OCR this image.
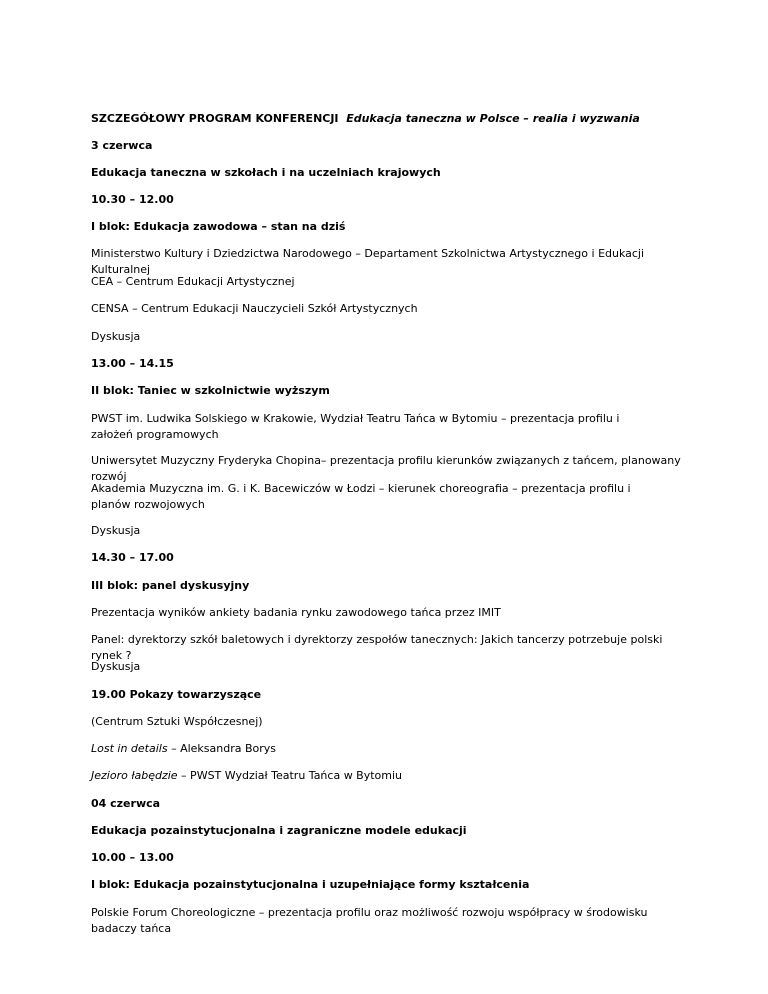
SZCZEGÓŁOWY PROGRAM KONFERENCJI Edukacja taneczna w Polsce – realia i wyzwania

3 czerwca

Edukacja taneczna w szkołach i na uczelniach krajowych

10.30 – 12.00

I blok: Edukacja zawodowa – stan na dziś

Ministerstwo Kultury i Dziedzictwa Narodowego – Departament Szkolnictwa Artystycznego i Edukacji Kulturalnej

CEA – Centrum Edukacji Artystycznej

CENSA – Centrum Edukacji Nauczycieli Szkół Artystycznych

Dyskusja

13.00 – 14.15

II blok: Taniec w szkolnictwie wyższym

PWST im. Ludwika Solskiego w Krakowie, Wydział Teatru Tańca w Bytomiu – prezentacja profilu i założeń programowych

Uniwersytet Muzyczny Fryderyka Chopina– prezentacja profilu kierunków związanych z tańcem, planowany rozwój

Akademia Muzyczna im. G. i K. Bacewiczów w Łodzi – kierunek choreografia – prezentacja profilu i planów rozwojowych

Dyskusja

14.30 – 17.00

III blok: panel dyskusyjny

Prezentacja wyników ankiety badania rynku zawodowego tańca przez IMIT

Panel: dyrektorzy szkół baletowych i dyrektorzy zespołów tanecznych: Jakich tancerzy potrzebuje polski rynek ?

Dyskusja

19.00 Pokazy towarzyszące

(Centrum Sztuki Współczesnej)

Lost in details – Aleksandra Borys

Jezioro łabędzie – PWST Wydział Teatru Tańca w Bytomiu

04 czerwca

Edukacja pozainstytucjonalna i zagraniczne modele edukacji

10.00 – 13.00

I blok: Edukacja pozainstytucjonalna i uzupełniające formy kształcenia

Polskie Forum Choreologiczne – prezentacja profilu oraz możliwość rozwoju współpracy w środowisku badaczy tańca
